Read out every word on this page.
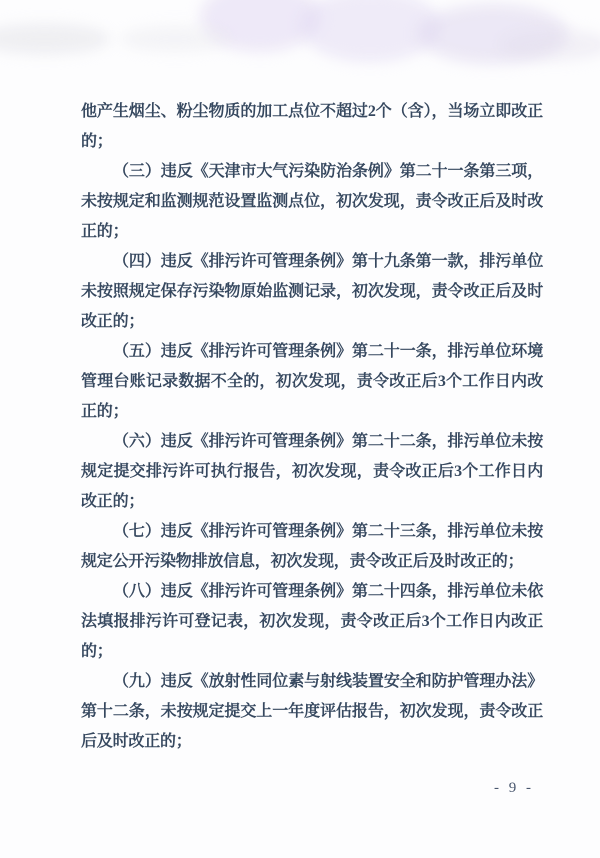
他产生烟尘、粉尘物质的加工点位不超过2个（含），当场立即改正的；

（三）违反《天津市大气污染防治条例》第二十一条第三项，未按规定和监测规范设置监测点位，初次发现，责令改正后及时改正的；

（四）违反《排污许可管理条例》第十九条第一款，排污单位未按照规定保存污染物原始监测记录，初次发现，责令改正后及时改正的；

（五）违反《排污许可管理条例》第二十一条，排污单位环境管理台账记录数据不全的，初次发现，责令改正后3个工作日内改正的；

（六）违反《排污许可管理条例》第二十二条，排污单位未按规定提交排污许可执行报告，初次发现，责令改正后3个工作日内改正的；

（七）违反《排污许可管理条例》第二十三条，排污单位未按规定公开污染物排放信息，初次发现，责令改正后及时改正的；

（八）违反《排污许可管理条例》第二十四条，排污单位未依法填报排污许可登记表，初次发现，责令改正后3个工作日内改正的；

（九）违反《放射性同位素与射线装置安全和防护管理办法》第十二条，未按规定提交上一年度评估报告，初次发现，责令改正后及时改正的；

- 9 -
